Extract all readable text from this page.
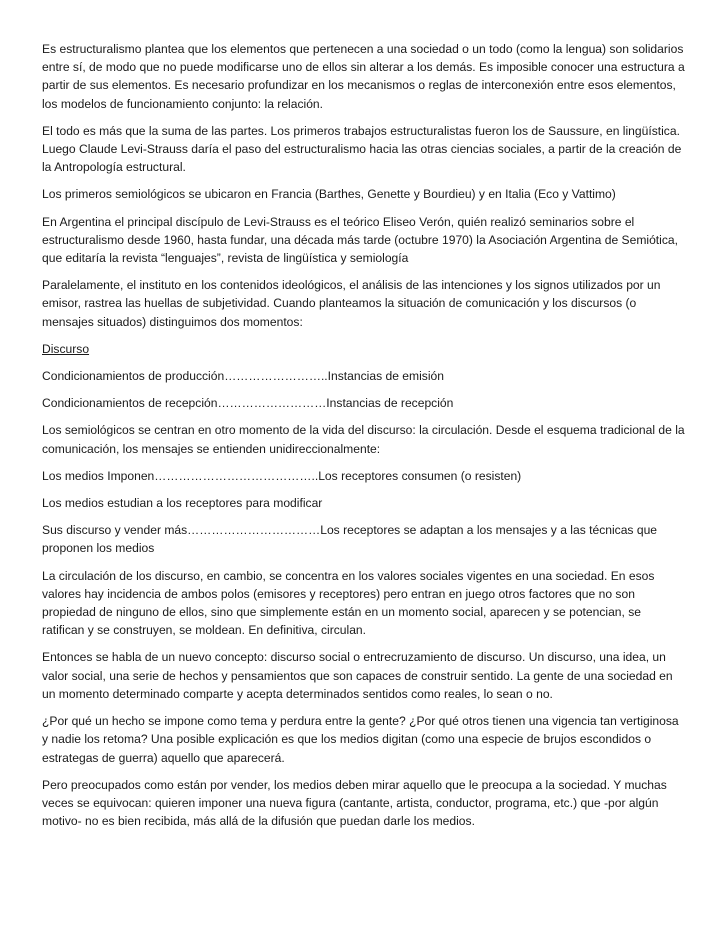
Es estructuralismo plantea que los elementos que pertenecen a una sociedad o un todo (como la lengua) son solidarios entre sí, de modo que no puede modificarse uno de ellos sin alterar a los demás. Es imposible conocer una estructura a partir de sus elementos. Es necesario profundizar en los mecanismos o reglas de interconexión entre esos elementos, los modelos de funcionamiento conjunto: la relación.

El todo es más que la suma de las partes. Los primeros trabajos estructuralistas fueron los de Saussure, en lingüística. Luego Claude Levi-Strauss daría el paso del estructuralismo hacia las otras ciencias sociales, a partir de la creación de la Antropología estructural.

Los primeros semiológicos se ubicaron en Francia (Barthes, Genette y Bourdieu) y en Italia (Eco y Vattimo)

En Argentina el principal discípulo de Levi-Strauss es el teórico Eliseo Verón, quién realizó seminarios sobre el estructuralismo desde 1960, hasta fundar, una década más tarde (octubre 1970) la Asociación Argentina de Semiótica, que editaría la revista “lenguajes”, revista de lingüística y semiología

Paralelamente, el instituto en los contenidos ideológicos, el análisis de las intenciones y los signos utilizados por un emisor, rastrea las huellas de subjetividad. Cuando planteamos la situación de comunicación y los discursos (o mensajes situados) distinguimos dos momentos:

Discurso

Condicionamientos de producción……………………..Instancias de emisión

Condicionamientos de recepción………………………Instancias de recepción

Los semiológicos se centran en otro momento de la vida del discurso: la circulación. Desde el esquema tradicional de la comunicación, los mensajes se entienden unidireccionalmente:

Los medios Imponen…………………………………..Los receptores consumen (o resisten)

Los medios estudian a los receptores para modificar

Sus discurso y vender más……………………………Los receptores se adaptan a los mensajes y a las técnicas que proponen los medios

La circulación de los discurso, en cambio, se concentra en los valores sociales vigentes en una sociedad. En esos valores hay incidencia de ambos polos (emisores y receptores) pero entran en juego otros factores que no son propiedad de ninguno de ellos, sino que simplemente están en un momento social, aparecen y se potencian, se ratifican y se construyen, se moldean. En definitiva, circulan.

Entonces se habla de un nuevo concepto: discurso social o entrecruzamiento de discurso. Un discurso, una idea, un valor social, una serie de hechos y pensamientos que son capaces de construir sentido. La gente de una sociedad en un momento determinado comparte y acepta determinados sentidos como reales, lo sean o no.

¿Por qué un hecho se impone como tema y perdura entre la gente? ¿Por qué otros tienen una vigencia tan vertiginosa y nadie los retoma? Una posible explicación es que los medios digitan (como una especie de brujos escondidos o estrategas de guerra) aquello que aparecerá.

Pero preocupados como están por vender, los medios deben mirar aquello que le preocupa a la sociedad. Y muchas veces se equivocan: quieren imponer una nueva figura (cantante, artista, conductor, programa, etc.) que -por algún motivo- no es bien recibida, más allá de la difusión que puedan darle los medios.
